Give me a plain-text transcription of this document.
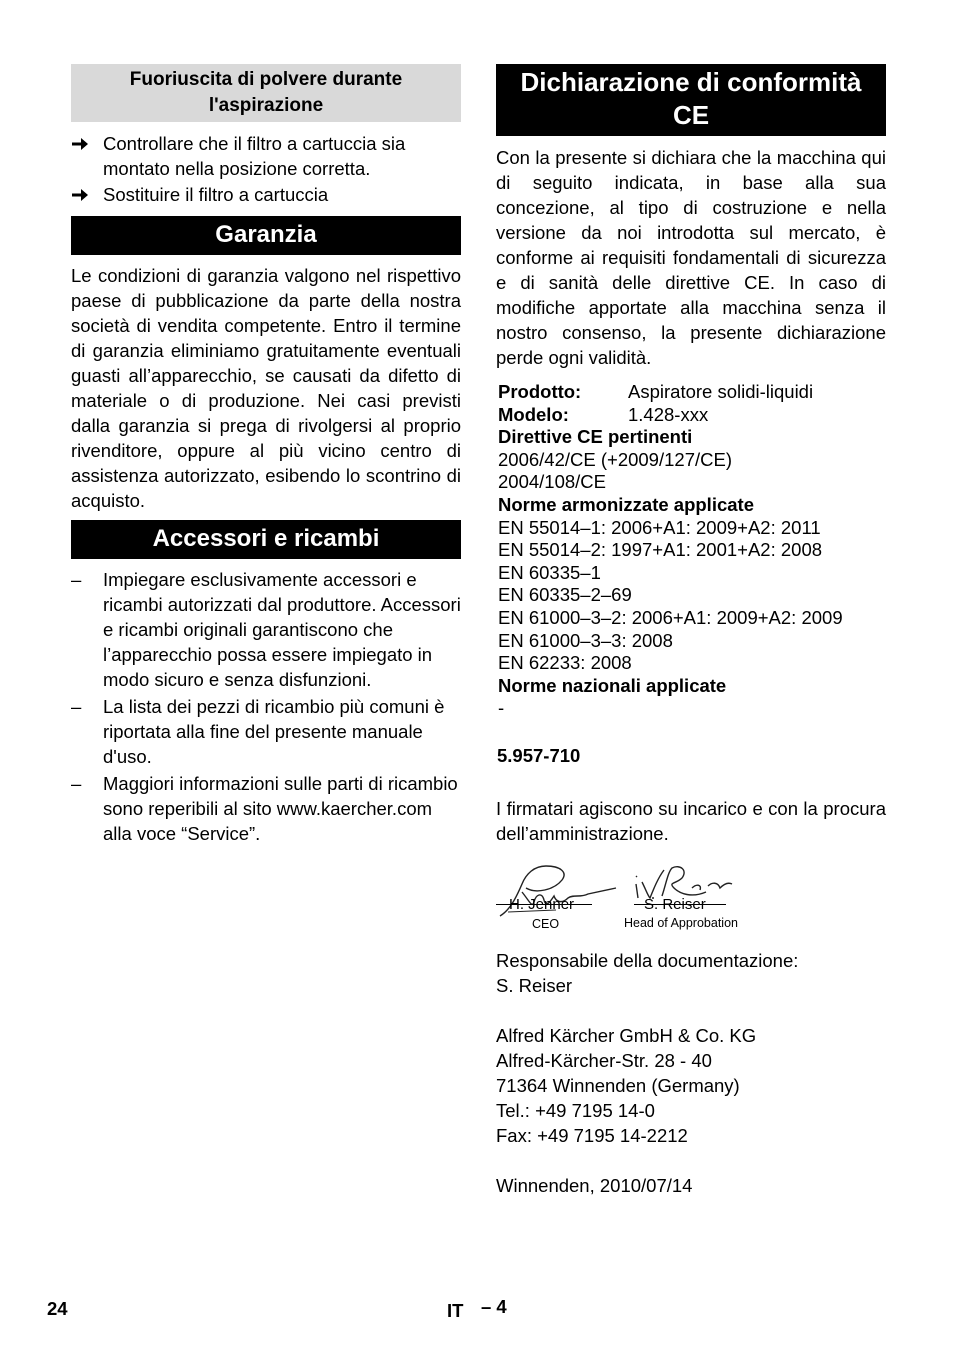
Fuoriuscita di polvere durante
l'aspirazione
Controllare che il filtro a cartuccia sia montato nella posizione corretta.
Sostituire il filtro a cartuccia
Garanzia

Le condizioni di garanzia valgono nel rispettivo paese di pubblicazione da parte della nostra società di vendita competente. Entro il termine di garanzia eliminiamo gratuitamente eventuali guasti all’apparecchio, se causati da difetto di materiale o di produzione. Nei casi previsti dalla garanzia si prega di rivolgersi al proprio rivenditore, oppure al più vicino centro di assistenza autorizzato, esibendo lo scontrino di acquisto.

Accessori e ricambi
–	Impiegare esclusivamente accessori e ricambi autorizzati dal produttore. Accessori e ricambi originali garantiscono che l’apparecchio possa essere impiegato in modo sicuro e senza disfunzioni.
–	La lista dei pezzi di ricambio più comuni è riportata alla fine del presente manuale d'uso.
–	Maggiori informazioni sulle parti di ricambio sono reperibili al sito www.kaercher.com alla voce “Service”.
Dichiarazione di conformità
CE

Con la presente si dichiara che la macchina qui di seguito indicata, in base alla sua concezione, al tipo di costruzione e nella versione da noi introdotta sul mercato, è conforme ai requisiti fondamentali di sicurezza e di sanità delle direttive CE. In caso di modifiche apportate alla macchina senza il nostro consenso, la presente dichiarazione perde ogni validità.

Prodotto:	Aspiratore solidi-liquidi
Modelo:	1.428-xxx
Direttive CE pertinenti
2006/42/CE (+2009/127/CE)
2004/108/CE
Norme armonizzate applicate
EN 55014–1: 2006+A1: 2009+A2: 2011
EN 55014–2: 1997+A1: 2001+A2: 2008
EN 60335–1
EN 60335–2–69
EN 61000–3–2: 2006+A1: 2009+A2: 2009
EN 61000–3–3: 2008
EN 62233: 2008
Norme nazionali applicate
-
5.957-710

I firmatari agiscono su incarico e con la procura dell’amministrazione.

H. Jenner
CEO
S. Reiser
Head of Approbation
Responsabile della documentazione:
S. Reiser
Alfred Kärcher GmbH & Co. KG
Alfred-Kärcher-Str. 28 - 40
71364 Winnenden (Germany)
Tel.: +49 7195 14-0
Fax: +49 7195 14-2212
Winnenden, 2010/07/14
24	IT – 4
